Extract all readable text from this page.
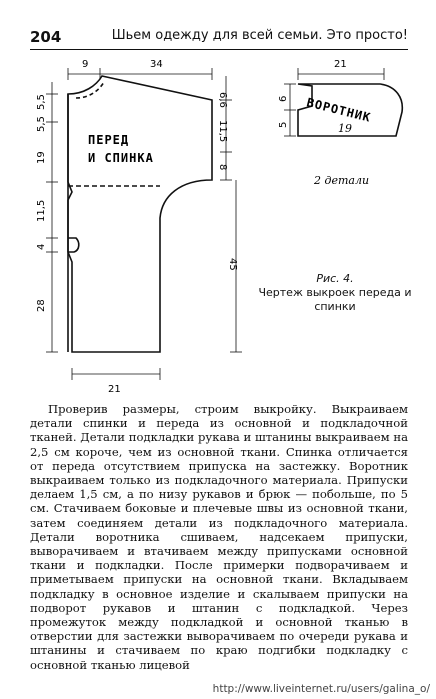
204	Шьем одежду для всей семьи. Это просто!
9	34
5,5
5,5
19
11,5
4
28
6,6
11,5
8
45
21
21
6
5	19
ПЕРЕД
И СПИНКА
ВОРОТНИК
2 детали
Рис. 4.
Чертеж выкроек переда и спинки

Проверив размеры, строим выкройку. Выкраиваем детали спинки и переда из основной и подкладочной тканей. Детали подкладки рукава и штанины выкраиваем на 2,5 см короче, чем из основной ткани. Спинка отличается от переда отсутствием припуска на застежку. Воротник выкраиваем только из подкладочного материала. Припуски делаем 1,5 см, а по низу рукавов и брюк — побольше, по 5 см. Стачиваем боковые и плечевые швы из основной ткани, затем соединяем детали из подкладочного материала. Детали воротника сшиваем, надсекаем припуски, выворачиваем и втачиваем между припусками основной ткани и подкладки. После примерки подворачиваем и приметываем припуски на основной ткани. Вкладываем подкладку в основное изделие и скалываем припуски на подворот рукавов и штанин с подкладкой. Через промежуток между подкладкой и основной тканью в отверстии для застежки выворачиваем по очереди рукава и штанины и стачиваем по краю подгибки подкладку с основной тканью лицевой

http://www.liveinternet.ru/users/galina_o/
